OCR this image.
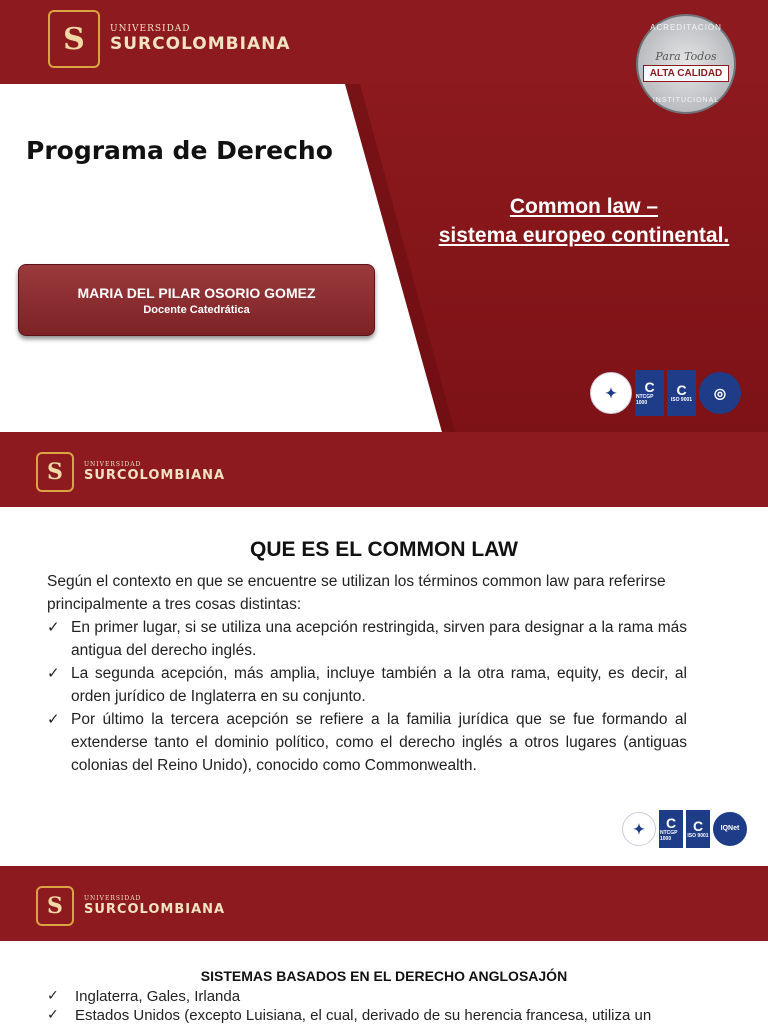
S	UNIVERSIDAD
SURCOLOMBIANA
ACREDITACIÓN
Para Todos
ALTA CALIDAD
INSTITUCIONAL
Programa de Derecho
Common law –
sistema europeo continental.
MARIA DEL PILAR OSORIO GOMEZ
Docente Catedrática
✦ C
NTCGP 1000
C
ISO 9001 ◎
S	UNIVERSIDAD
SURCOLOMBIANA
QUE ES EL COMMON LAW

Según el contexto en que se encuentre se utilizan los términos common law para referirse principalmente a tres cosas distintas:

✓ En primer lugar, si se utiliza una acepción restringida, sirven para designar a la rama más antigua del derecho inglés.
✓ La segunda acepción, más amplia, incluye también a la otra rama, equity, es decir, al orden jurídico de Inglaterra en su conjunto.
✓ Por último la tercera acepción se refiere a la familia jurídica que se fue formando al extenderse tanto el dominio político, como el derecho inglés a otros lugares (antiguas colonias del Reino Unido), conocido como Commonwealth.
✦ C
NTCGP 1000
C
ISO 9001
IQNet
S	UNIVERSIDAD
SURCOLOMBIANA
SISTEMAS BASADOS EN EL DERECHO ANGLOSAJÓN
✓ Inglaterra, Gales, Irlanda
✓ Estados Unidos (excepto Luisiana, el cual, derivado de su herencia francesa, utiliza un
